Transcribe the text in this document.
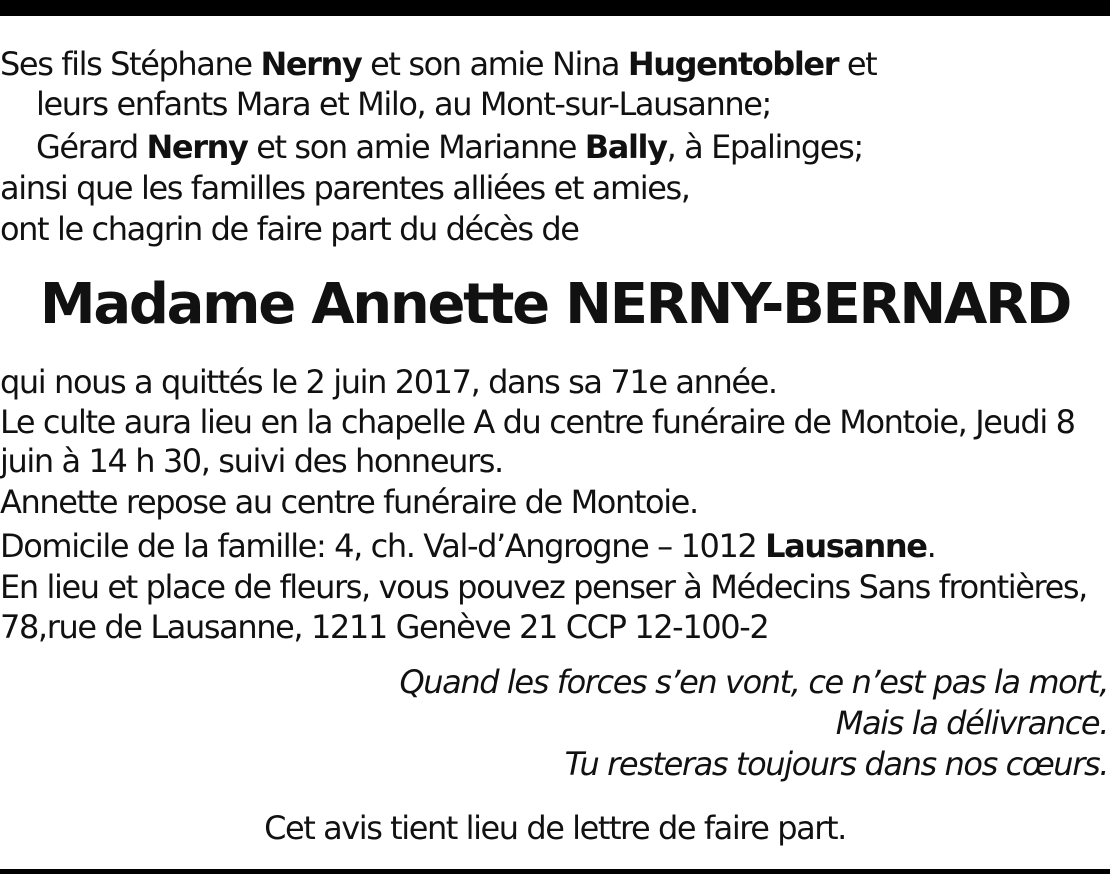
Ses fils Stéphane Nerny et son amie Nina Hugentobler et
leurs enfants Mara et Milo, au Mont-sur-Lausanne;
Gérard Nerny et son amie Marianne Bally, à Epalinges;
ainsi que les familles parentes alliées et amies,
ont le chagrin de faire part du décès de
Madame Annette NERNY-BERNARD
qui nous a quittés le 2 juin 2017, dans sa 71e année.
Le culte aura lieu en la chapelle A du centre funéraire de Montoie, Jeudi 8
juin à 14 h 30, suivi des honneurs.
Annette repose au centre funéraire de Montoie.
Domicile de la famille: 4, ch. Val-d’Angrogne – 1012 Lausanne.
En lieu et place de fleurs, vous pouvez penser à Médecins Sans frontières,
78,rue de Lausanne, 1211 Genève 21 CCP 12-100-2
Quand les forces s’en vont, ce n’est pas la mort,
Mais la délivrance.
Tu resteras toujours dans nos cœurs.
Cet avis tient lieu de lettre de faire part.
